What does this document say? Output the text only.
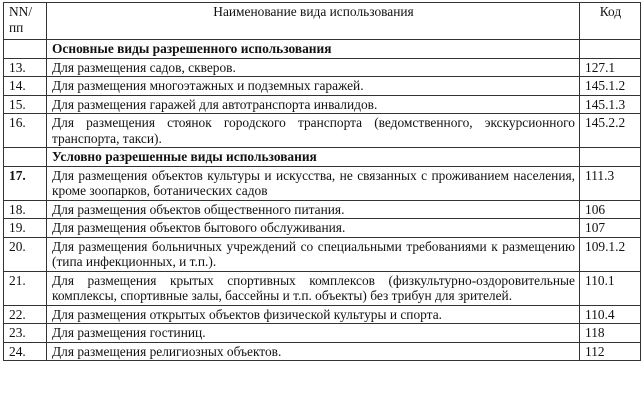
NN/ пп	Наименование вида использования	Код
	Основные виды разрешенного использования	
13.	Для размещения садов, скверов.	127.1
14.	Для размещения многоэтажных и подземных гаражей.	145.1.2
15.	Для размещения гаражей для автотранспорта инвалидов.	145.1.3
16.	Для размещения стоянок городского транспорта (ведомственного, экскурсионного транспорта, такси).	145.2.2
	Условно разрешенные виды использования	
17.	Для размещения объектов культуры и искусства, не связанных с проживанием населения, кроме зоопарков, ботанических садов	111.3
18.	Для размещения объектов общественного питания.	106
19.	Для размещения объектов бытового обслуживания.	107
20.	Для размещения больничных учреждений со специальными требованиями к размещению (типа инфекционных, и т.п.).	109.1.2
21.	Для размещения крытых спортивных комплексов (физкультурно-оздоровительные комплексы, спортивные залы, бассейны и т.п. объекты) без трибун для зрителей.	110.1
22.	Для размещения открытых объектов физической культуры и спорта.	110.4
23.	Для размещения гостиниц.	118
24.	Для размещения религиозных объектов.	112
